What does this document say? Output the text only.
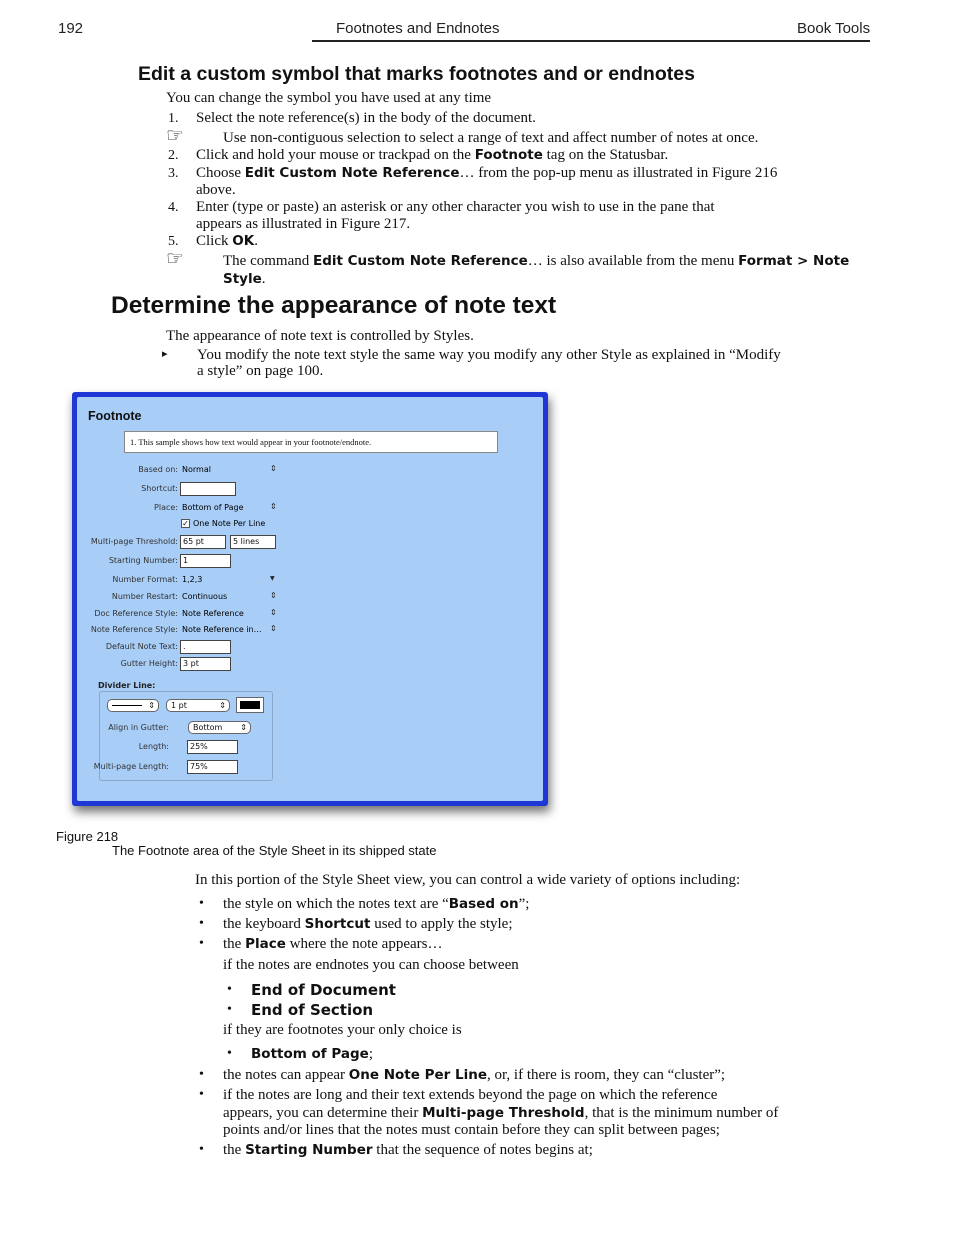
192	Footnotes and Endnotes	Book Tools
Edit a custom symbol that marks footnotes and or endnotes
You can change the symbol you have used at any time
1. Select the note reference(s) in the body of the document.
☞	Use non-contiguous selection to select a range of text and affect number of notes at once.
2. Click and hold your mouse or trackpad on the Footnote tag on the Statusbar.
3. Choose Edit Custom Note Reference… from the pop-up menu as illustrated in Figure 216
above.
4. Enter (type or paste) an asterisk or any other character you wish to use in the pane that
appears as illustrated in Figure 217.
5. Click OK.
☞	The command Edit Custom Note Reference… is also available from the menu Format > Note
Style.
Determine the appearance of note text
The appearance of note text is controlled by Styles.
▸ You modify the note text style the same way you modify any other Style as explained in “Modify
a style” on page 100.
Footnote
1. This sample shows how text would appear in your footnote/endnote.
Based on: Normal	⇕
Shortcut:
Place: Bottom of Page	⇕
✓ One Note Per Line
Multi-page Threshold: 65 pt	5 lines
Starting Number: 1
Number Format: 1,2,3	▼
Number Restart: Continuous	⇕
Doc Reference Style: Note Reference	⇕
Note Reference Style: Note Reference in… ⇕
Default Note Text: .
Gutter Height: 3 pt
Divider Line:
⇕	1 pt	⇕
Align in Gutter:	Bottom ⇕
Length:	25%
Multi-page Length:	75%
Figure 218
The Footnote area of the Style Sheet in its shipped state
In this portion of the Style Sheet view, you can control a wide variety of options including:
• the style on which the notes text are “Based on”;
• the keyboard Shortcut used to apply the style;
• the Place where the note appears…
if the notes are endnotes you can choose between
• End of Document
• End of Section
if they are footnotes your only choice is
• Bottom of Page;
• the notes can appear One Note Per Line, or, if there is room, they can “cluster”;
• if the notes are long and their text extends beyond the page on which the reference
appears, you can determine their Multi-page Threshold, that is the minimum number of
points and/or lines that the notes must contain before they can split between pages;
• the Starting Number that the sequence of notes begins at;
